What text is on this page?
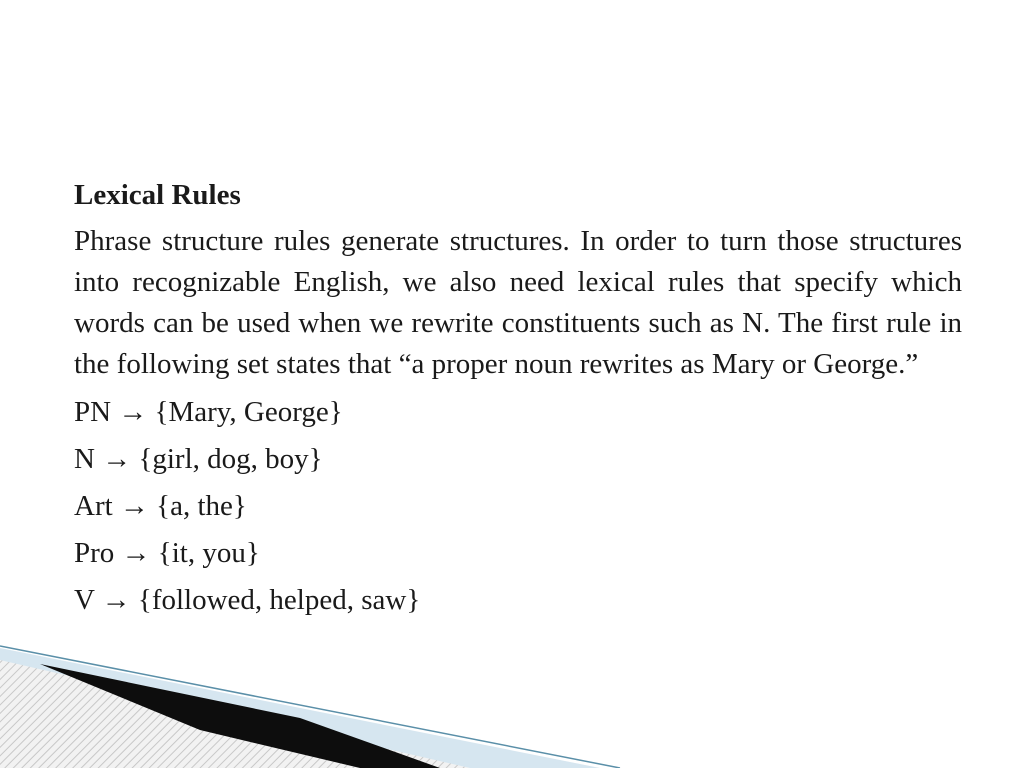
Lexical Rules

Phrase structure rules generate structures. In order to turn those structures into recognizable English, we also need lexical rules that specify which words can be used when we rewrite constituents such as N. The first rule in the following set states that “a proper noun rewrites as Mary or George.”

PN → {Mary, George}

N → {girl, dog, boy}

Art → {a, the}

Pro → {it, you}

V → {followed, helped, saw}
